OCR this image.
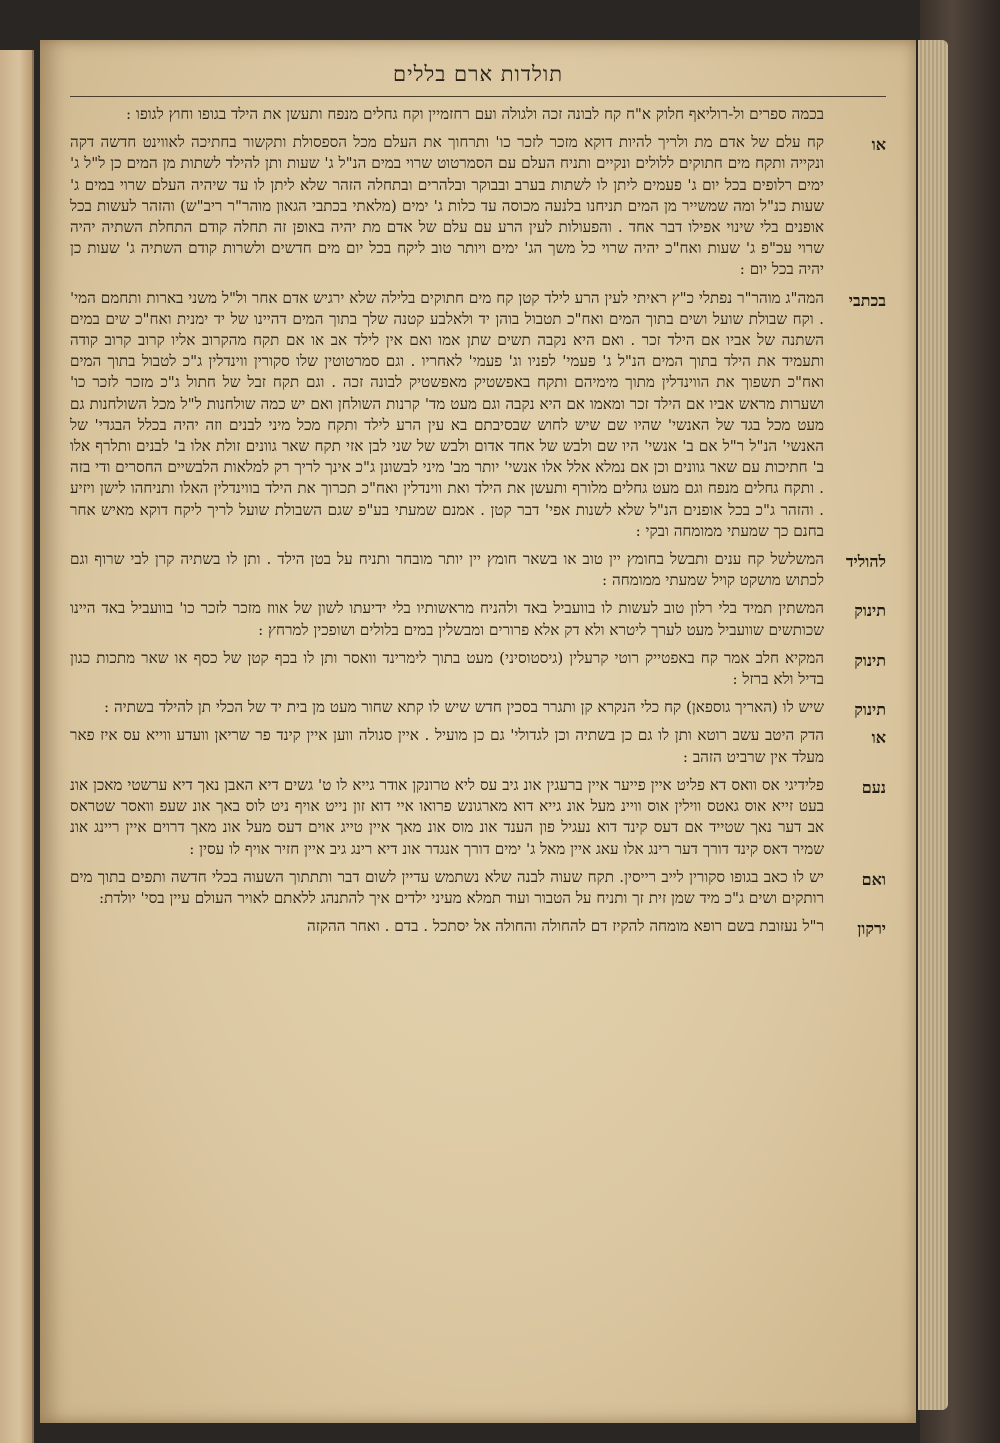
תולדות ארם בללים

בכמה ספרים ול-רוליאף חלוק א"ח קח לבונה זכה ולגולה ועם רחזמיין וקח גחלים מנפח ותעשן את הילד בגופו וחוץ לגופו :

או

קח עלם של אדם מת ולריך להיות דוקא מזכר לזכר כו' ותרחוך את העלם מכל הספסולת ותקשור בחתיכה לאווינט חדשה דקה ונקייה ותקח מים חתוקים ללולים ונקיים ותניח העלם עם הסמרטוט שרוי במים הנ"ל ג' שעות ותן להילד לשתות מן המים כן ל"ל ג' ימים רלופים בכל יום ג' פעמים ליתן לו לשתות בערב ובבוקר ובלהרים ובתחלה הזהר שלא ליתן לו עד שיהיה העלם שרוי במים ג' שעות כנ"ל ומה שמשייר מן המים תניחנו בלנעה מכוסה עד כלות ג' ימים (מלאתי בכתבי הגאון מוהר"ר ריב"ש) והזהר לעשות בכל אופנים בלי שינוי אפילו דבר אחד . והפעולות לעין הרע עם עלם של אדם מת יהיה באופן זה תחלה קודם התחלת השתיה יהיה שרוי עכ"פ ג' שעות ואח"כ יהיה שרוי כל משך הג' ימים ויותר טוב ליקח בכל יום מים חדשים ולשרות קודם השתיה ג' שעות כן יהיה בכל יום :

בכתבי

המה"ג מוהר"ר נפתלי כ"ץ ראיתי לעין הרע לילד קטן קח מים חתוקים בלילה שלא ירגיש אדם אחר ול"ל משני בארות ותחמם המי' . וקח שבולת שועל ושים בתוך המים ואח"כ תטבול בוהן יד ולאלבע קטנה שלך בתוך המים דהיינו של יד ימנית ואח"כ שים במים השתנה של אביו אם הילד זכר . ואם היא נקבה תשים שתן אמו ואם אין לילד אב או אם תקח מהקרוב אליו קרוב קרוב קודה ותעמיד את הילד בתוך המים הנ"ל ג' פעמי' לפניו וג' פעמי' לאחריו . וגם סמרטוטין שלו סקורין ווינדלין ג"כ לטבול בתוך המים ואח"כ תשפוך את הווינדלין מתוך מימיהם ותקח באפשטיק מאפשטיק לבונה זכה . וגם תקח זבל של חתול ג"כ מזכר לזכר כו' ושערות מראש אביו אם הילד זכר ומאמו אם היא נקבה וגם מעט מד' קרנות השולחן ואם יש כמה שולחנות ל"ל מכל השולחנות גם מעט מכל בגד של האנשי' שהיו שם שיש לחוש שבסיבתם בא עין הרע לילד ותקח מכל מיני לבנים וזה יהיה בכלל הבגדי' של האנשי' הנ"ל ר"ל אם ב' אנשי' היו שם ולבש של אחד אדום ולבש של שני לבן אזי תקח שאר גוונים זולת אלו ב' לבנים ותלרף אלו ב' חתיכות עם שאר גוונים וכן אם נמלא אלל אלו אנשי' יותר מב' מיני לבשונן ג"כ אינך לריך רק למלאות הלבשיים החסרים ודי בזה . ותקח גחלים מנפח וגם מעט גחלים מלורף ותעשן את הילד ואת ווינדלין ואח"כ תכרוך את הילד בווינדלין האלו ותניחהו לישן ויזיע . והזהר ג"כ בכל אופנים הנ"ל שלא לשנות אפי' דבר קטן . אמנם שמעתי בע"פ שגם השבולת שועל לריך ליקח דוקא מאיש אחר בחנם כך שמעתי ממומחה ובקי :

להוליד

המשלשל קח ענים ותבשל בחומץ יין טוב או בשאר חומץ יין יותר מובחר ותניח על בטן הילד . ותן לו בשתיה קרן לבי שרוף וגם לכתוש מושקט קויל שמעתי ממומחה :

תינוק

המשתין תמיד בלי רלון טוב לעשות לו בוועביל באד ולהניח מראשותיו בלי ידיעתו לשון של אווז מזכר לזכר כו' בוועביל באד היינו שכותשים שוועביל מעט לערך ליטרא ולא דק אלא פרורים ומבשלין במים בלולים ושופכין למרחץ :

תינוק

המקיא חלב אמר קח באפטייק רוטי קרעלין (גיסטוסיני) מעט בתוך לימרינד וואסר ותן לו בכף קטן של כסף או שאר מתכות כגון בדיל ולא ברזל :

תינוק

שיש לו (האריך גוספאן) קח כלי הנקרא קן ותגרר בסכין חדש שיש לו קתא שחור מעט מן בית יד של הכלי תן להילד בשתיה :

או

הדק היטב עשב רוטא ותן לו גם כן בשתיה וכן לגדולי' גם כן מועיל . איין סגולה ווען איין קינד פר שריאן וועדע ווייא עס איז פאר מעלד אין שרביט הזהב :

נעם

פלידיגי אס וואס דא פליט איין פייער איין ברעגין אונ גיב עס ליא טרונקן אודר גייא לו ט' גשים דיא האבן נאך דיא ערשטי מאכן אונ בעט זייא אוס גאטס ווילין אוס וויינ מעל אונ גייא דוא מארגונש פרואו איי דוא זון נייט אויף ניט לוס באך אונ שעפ וואסר שטראס אב דער נאך שטייד אם דעס קינד דוא נעגיל פון הענד אונ מוס אונ מאך איין טייג אוים דעס מעל אונ מאך דרוים איין ריינג אונ שמיר דאס קינד דורך דער רינג אלו עאג איין מאל ג' ימים דורך אנגדר אונ דיא רינג גיב איין חזיר אויף לו עסין :

ואם

יש לו כאב בגופו סקורין לייב רייסין. תקח שעוה לבנה שלא נשתמש עדיין לשום דבר ותתתוך השעוה בכלי חדשה ותפים בתוך מים רותקים ושים ג"כ מיד שמן זית זך ותניח על הטבור ועוד תמלא מעיני ילדים איך להתנהג ללאתם לאויר העולם עיין בסי' יולדת:

ירקון

ר"ל נעזובת בשם רופא מומחה להקיז דם להחולה והחולה אל יסתכל . בדם . ואחר ההקזה
